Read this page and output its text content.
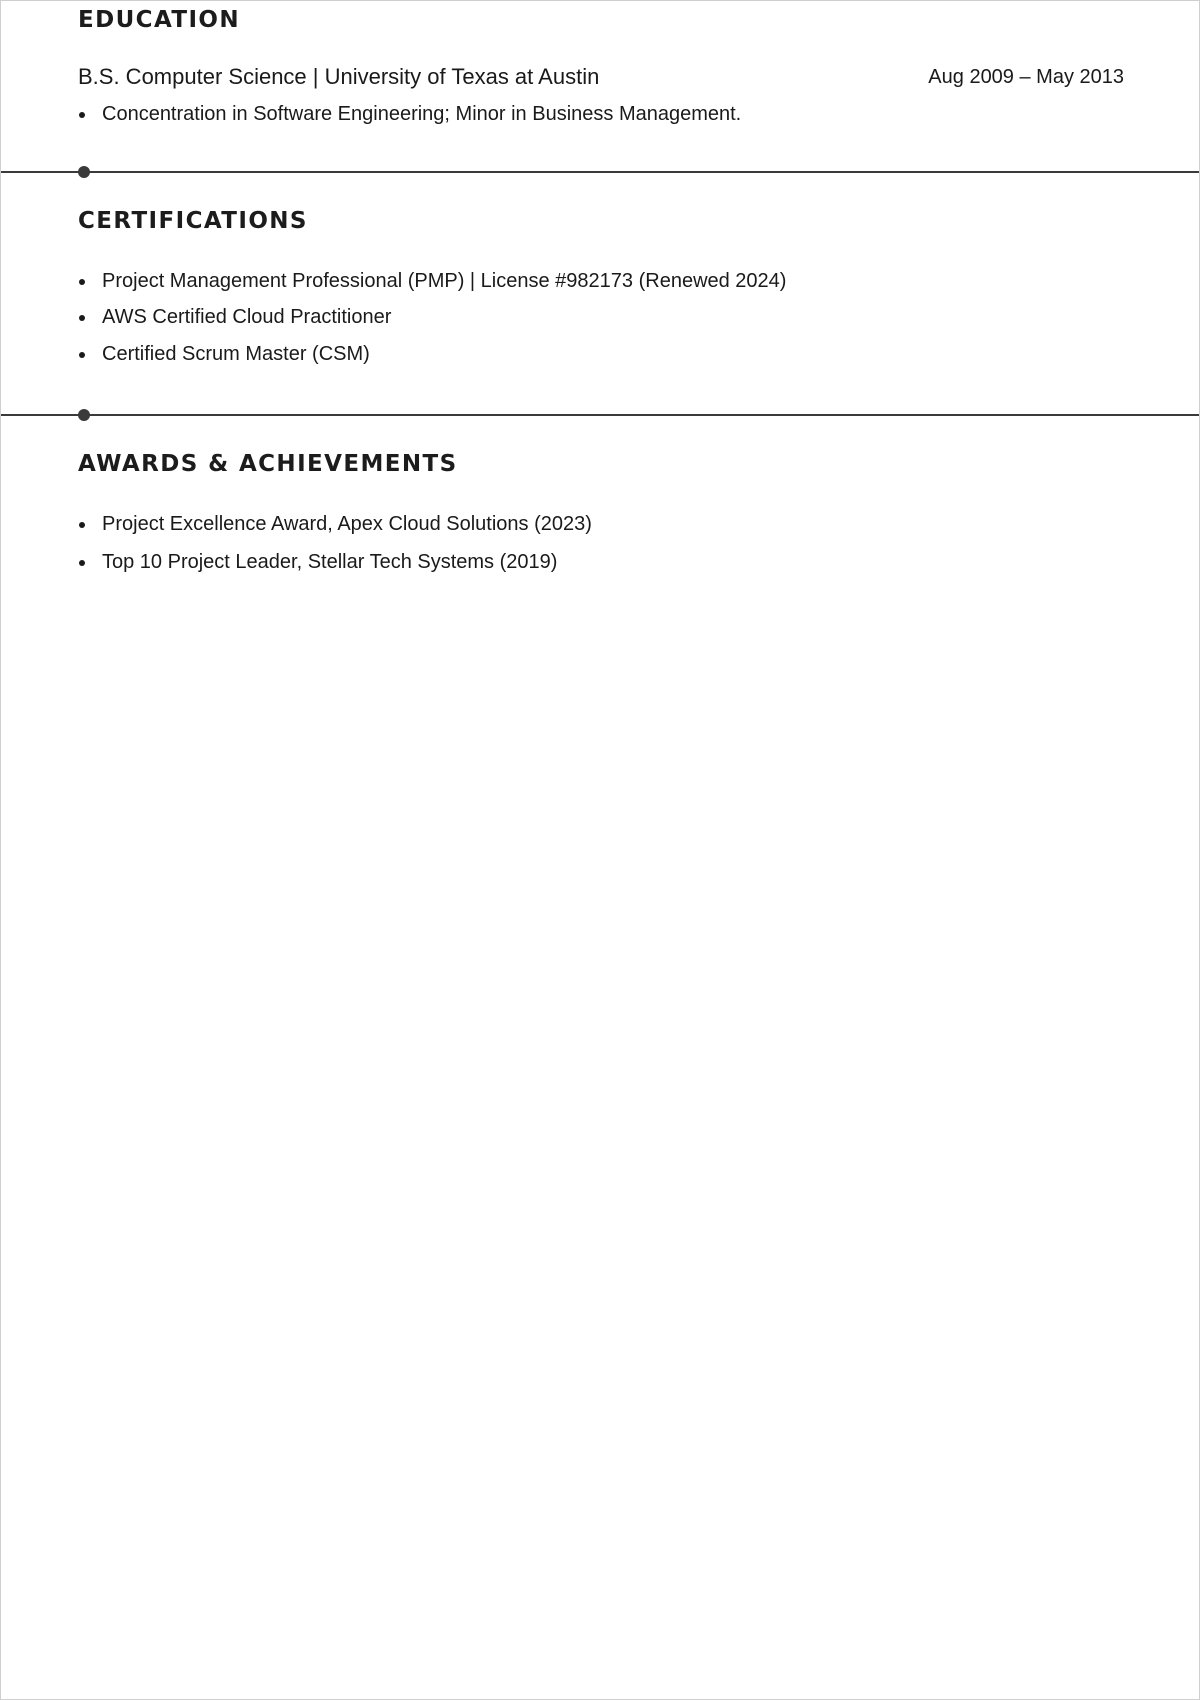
EDUCATION
B.S. Computer Science | University of Texas at Austin	Aug 2009 – May 2013
Concentration in Software Engineering; Minor in Business Management.
CERTIFICATIONS
Project Management Professional (PMP) | License #982173 (Renewed 2024)
AWS Certified Cloud Practitioner
Certified Scrum Master (CSM)
AWARDS & ACHIEVEMENTS
Project Excellence Award, Apex Cloud Solutions (2023)
Top 10 Project Leader, Stellar Tech Systems (2019)
